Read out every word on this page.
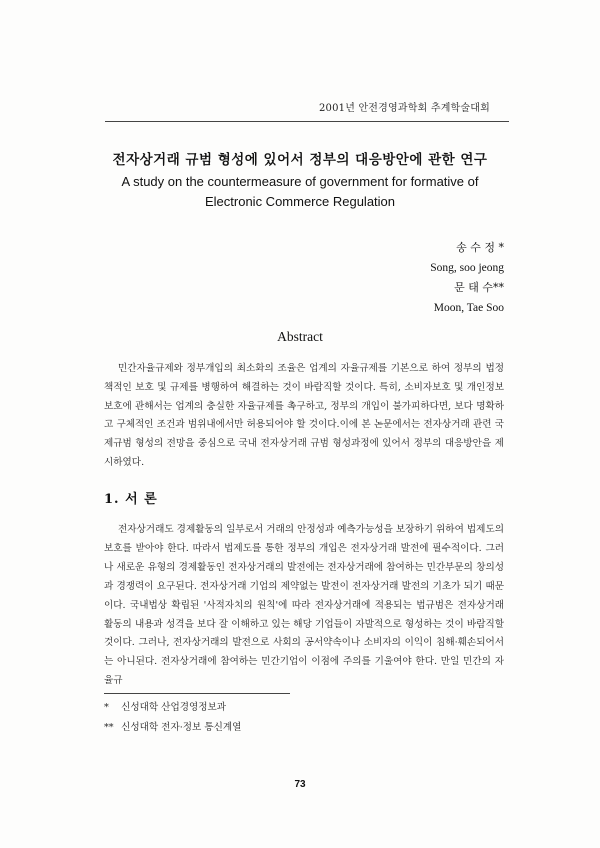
2001년 안전경영과학회 추계학술대회
전자상거래 규범 형성에 있어서 정부의 대응방안에 관한 연구
A study on the countermeasure of government for formative of
Electronic Commerce Regulation
송 수 정 *
Song, soo jeong
문 태 수**
Moon, Tae Soo
Abstract

민간자율규제와 정부개입의 최소화의 조율은 업계의 자율규제를 기본으로 하여 정부의 법정책적인 보호 및 규제를 병행하여 해결하는 것이 바람직할 것이다. 특히, 소비자보호 및 개인정보보호에 관해서는 업계의 충실한 자율규제를 촉구하고, 정부의 개입이 불가피하다면, 보다 명확하고 구체적인 조건과 범위내에서만 허용되어야 할 것이다.이에 본 논문에서는 전자상거래 관련 국제규범 형성의 전망을 중심으로 국내 전자상거래 규범 형성과정에 있어서 정부의 대응방안을 제시하였다.

1. 서 론

전자상거래도 경제활동의 일부로서 거래의 안정성과 예측가능성을 보장하기 위하여 법제도의 보호를 받아야 한다. 따라서 법제도를 통한 정부의 개입은 전자상거래 발전에 필수적이다. 그러나 새로운 유형의 경제활동인 전자상거래의 발전에는 전자상거래에 참여하는 민간부문의 창의성과 경쟁력이 요구된다. 전자상거래 기업의 제약없는 발전이 전자상거래 발전의 기초가 되기 때문이다. 국내법상 확립된 '사적자치의 원칙'에 따라 전자상거래에 적용되는 법규범은 전자상거래 활동의 내용과 성격을 보다 잘 이해하고 있는 해당 기업들이 자발적으로 형성하는 것이 바람직할 것이다. 그러나, 전자상거래의 발전으로 사회의 공서약속이나 소비자의 이익이 침해·훼손되어서는 아니된다. 전자상거래에 참여하는 민간기업이 이점에 주의를 기울여야 한다. 만일 민간의 자율규

* 신성대학 산업경영정보과
** 신성대학 전자·정보 통신계열
73
